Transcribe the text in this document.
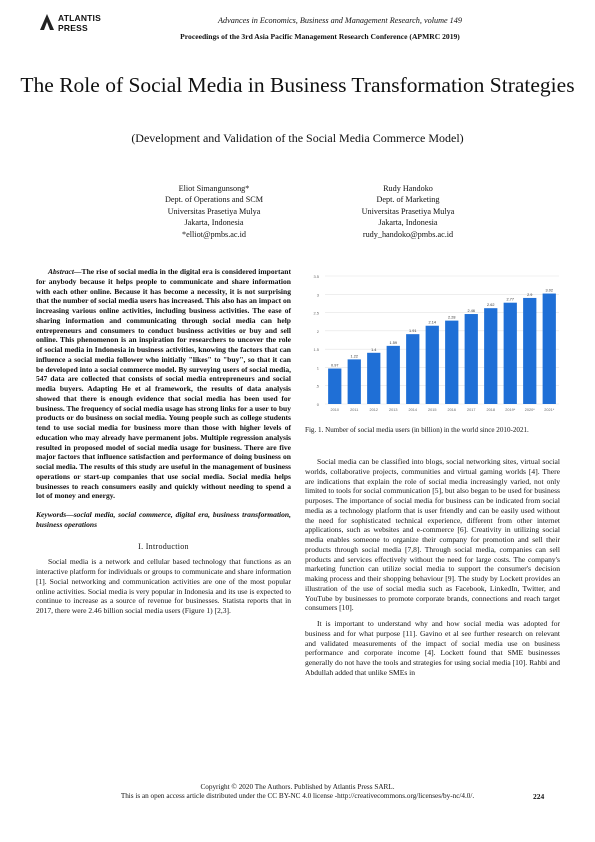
ATLANTIS
PRESS
Advances in Economics, Business and Management Research, volume 149
Proceedings of the 3rd Asia Pacific Management Research Conference (APMRC 2019)
The Role of Social Media in Business Transformation Strategies
(Development and Validation of the Social Media Commerce Model)
Eliot Simangunsong*
Dept. of Operations and SCM
Universitas Prasetiya Mulya
Jakarta, Indonesia
*elliot@pmbs.ac.id
Rudy Handoko
Dept. of Marketing
Universitas Prasetiya Mulya
Jakarta, Indonesia
rudy_handoko@pmbs.ac.id

Abstract—The rise of social media in the digital era is considered important for anybody because it helps people to communicate and share information with each other online. Because it has become a necessity, it is not surprising that the number of social media users has increased. This also has an impact on increasing various online activities, including business activities. The ease of sharing information and communicating through social media can help entrepreneurs and consumers to conduct business activities or buy and sell online. This phenomenon is an inspiration for researchers to uncover the role of social media in Indonesia in business activities, knowing the factors that can influence a social media follower who initially "likes" to "buy", so that it can be developed into a social commerce model. By surveying users of social media, 547 data are collected that consists of social media entrepreneurs and social media buyers. Adapting He et al framework, the results of data analysis showed that there is enough evidence that social media has been used for business. The frequency of social media usage has strong links for a user to buy products or do business on social media. Young people such as college students tend to use social media for business more than those with higher levels of education who may already have permanent jobs. Multiple regression analysis resulted in proposed model of social media usage for business. There are five major factors that influence satisfaction and performance of doing business on social media. The results of this study are useful in the management of business operations or start-up companies that use social media. Social media helps businesses to reach consumers easily and quickly without needing to spend a lot of money and energy.

Keywords—social media, social commerce, digital era, business transformation, business operations
I. Introduction

Social media is a network and cellular based technology that functions as an interactive platform for individuals or groups to communicate and share information [1]. Social networking and communication activities are one of the most popular online activities. Social media is very popular in Indonesia and its use is expected to continue to increase as a source of revenue for businesses. Statista reports that in 2017, there were 2.46 billion social media users (Figure 1) [2,3].

0
.5
1
1.5
2
2.5
3
3.5
0.97
2010
1.22
2011
1.4
2012
1.59
2013
1.91
2014
2.14
2015
2.28
2016
2.46
2017
2.62
2018
2.77
2019*
2.9
2020*
3.02
2021*
Fig. 1. Number of social media users (in billion) in the world since 2010-2021.

Social media can be classified into blogs, social networking sites, virtual social worlds, collaborative projects, communities and virtual gaming worlds [4]. There are indications that explain the role of social media increasingly varied, not only limited to tools for social communication [5], but also began to be used for business purposes. The importance of social media for business can be indicated from social media as a technology platform that is user friendly and can be easily used without the need for sophisticated technical experience, different from other internet applications, such as websites and e-commerce [6]. Creativity in utilizing social media enables someone to organize their company for promotion and sell their products through social media [7,8]. Through social media, companies can sell products and services effectively without the need for large costs. The company's marketing function can utilize social media to support the consumer's decision making process and their shopping behaviour [9]. The study by Lockett provides an illustration of the use of social media such as Facebook, LinkedIn, Twitter, and YouTube by businesses to promote corporate brands, connections and reach target consumers [10].

It is important to understand why and how social media was adopted for business and for what purpose [11]. Gavino et al see further research on relevant and validated measurements of the impact of social media use on business performance and corporate income [4]. Lockett found that SME businesses generally do not have the tools and strategies for using social media [10]. Rahbi and Abdullah added that unlike SMEs in

Copyright © 2020 The Authors. Published by Atlantis Press SARL.
This is an open access article distributed under the CC BY-NC 4.0 license -http://creativecommons.org/licenses/by-nc/4.0/.	224
